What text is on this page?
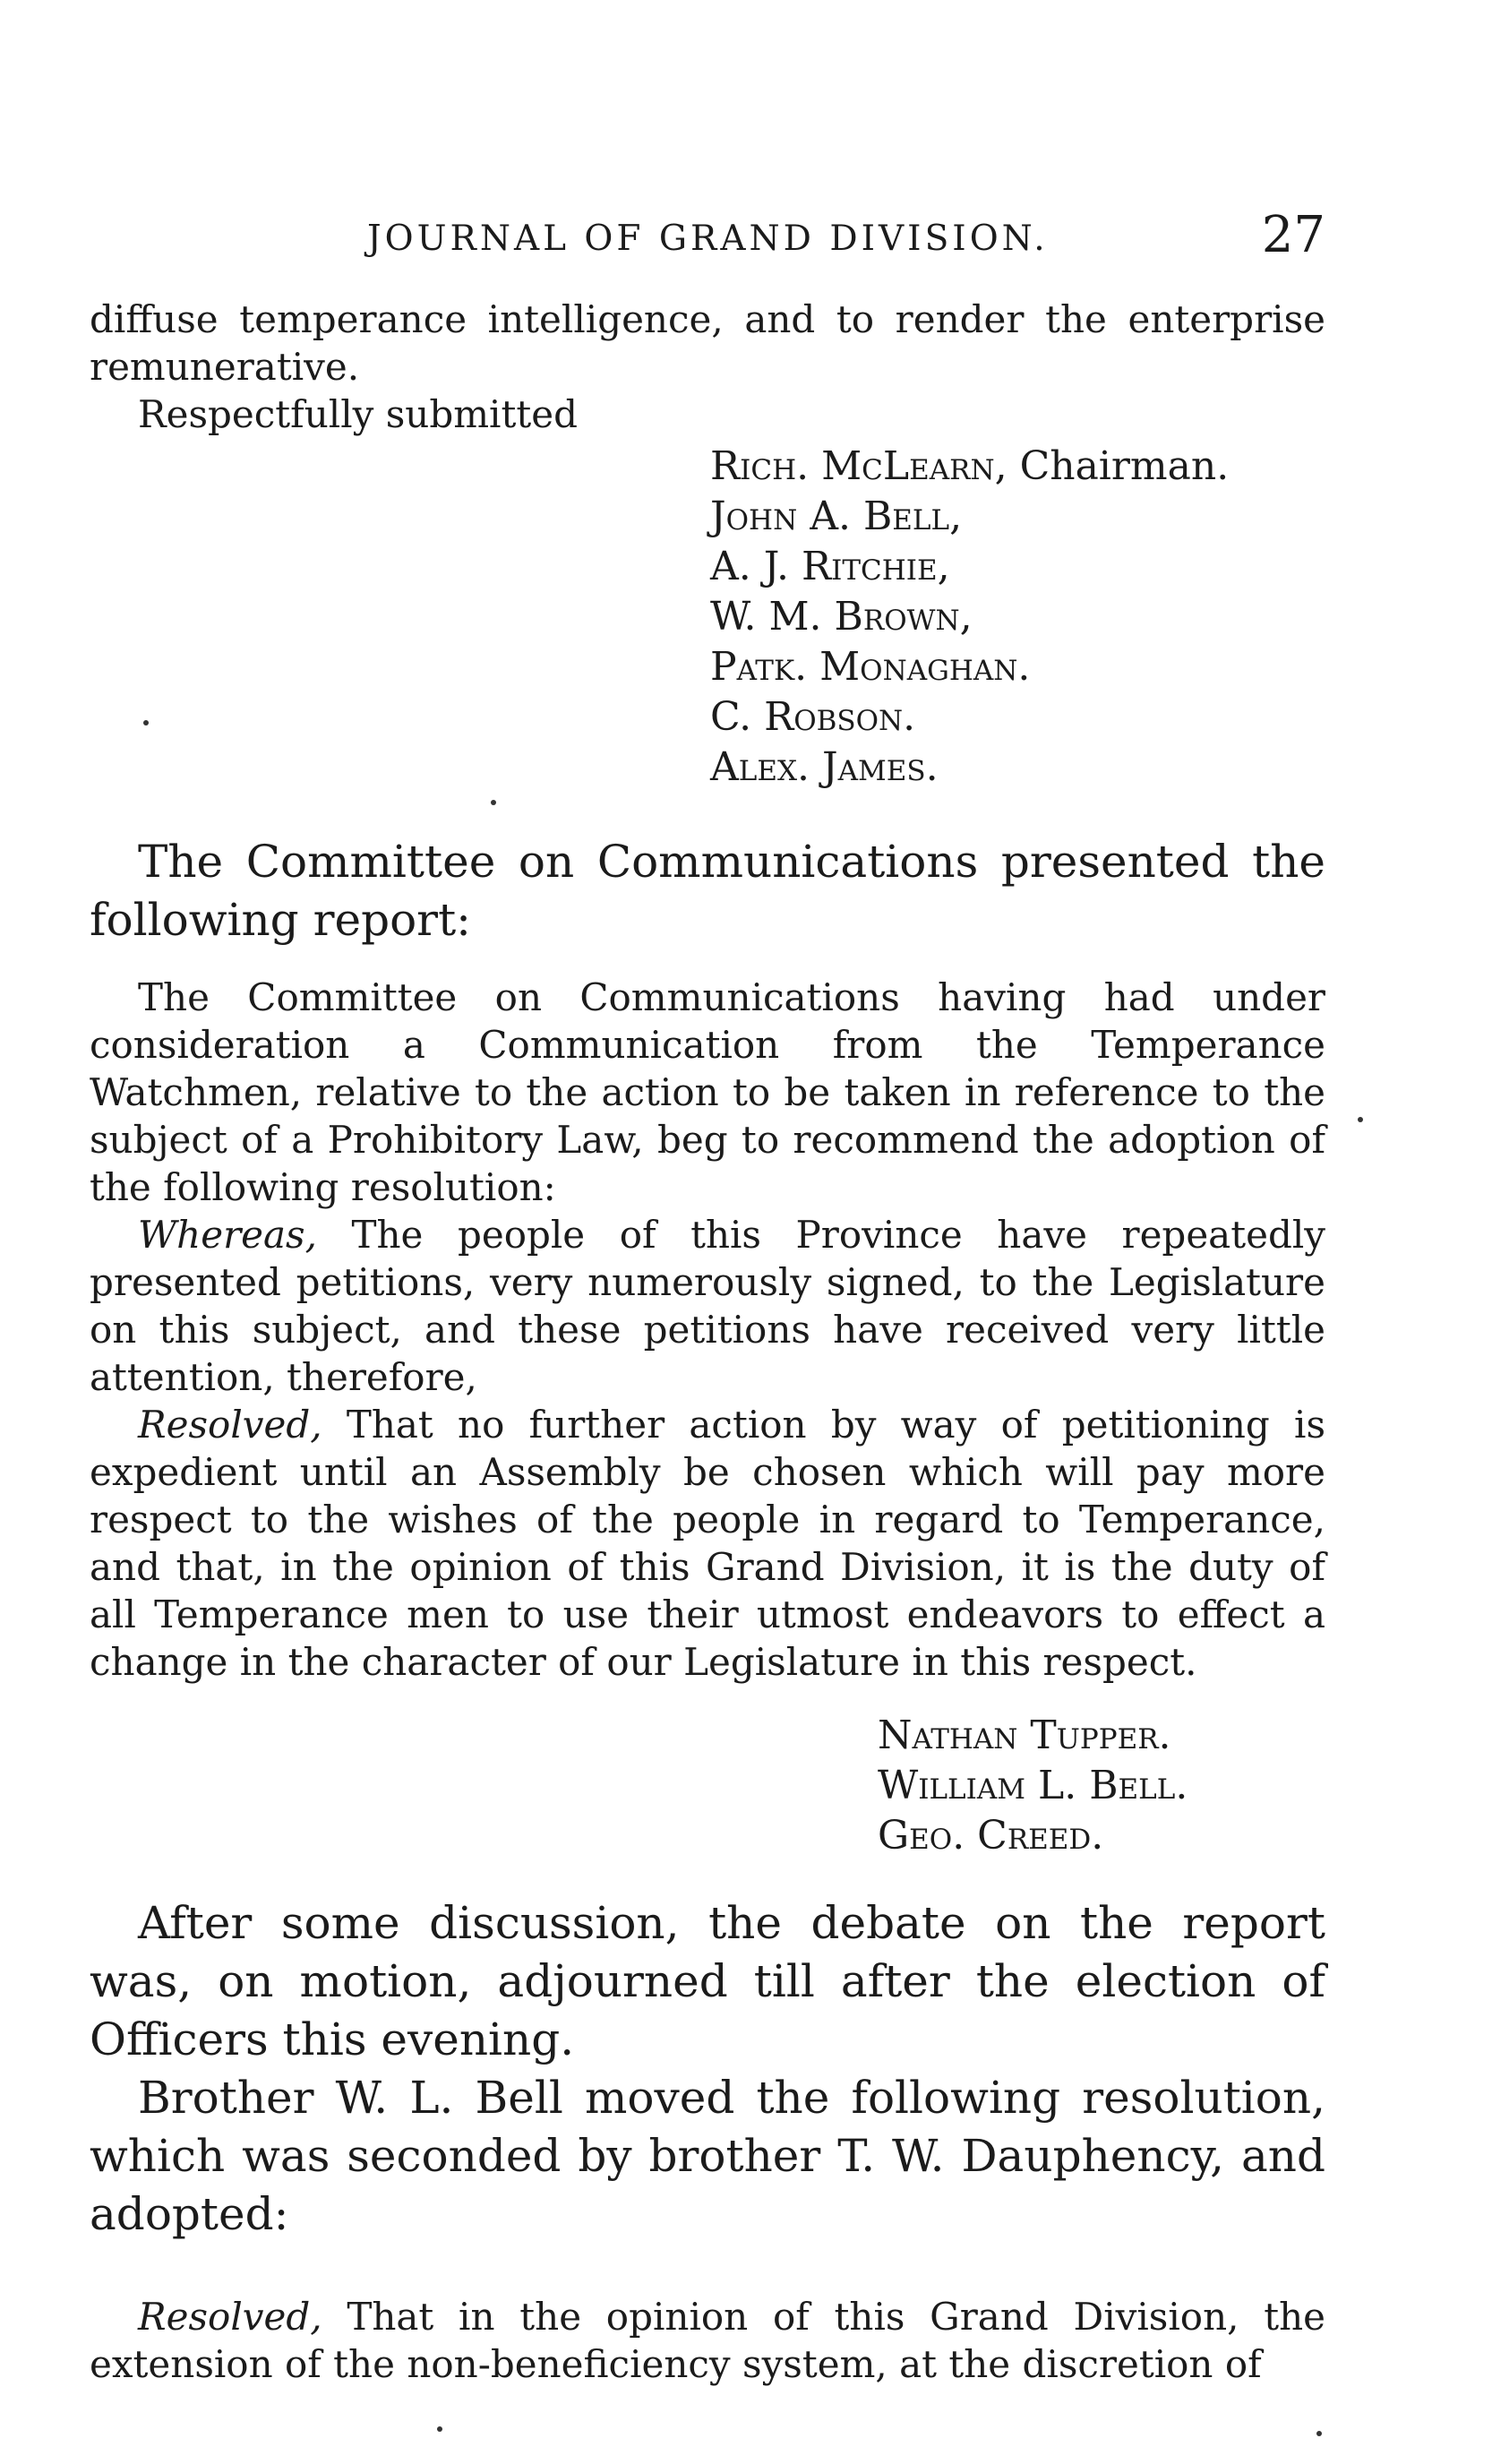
JOURNAL OF GRAND DIVISION.	27

diffuse temperance intelligence, and to render the enterprise remunerative.

Respectfully submitted

Rich. McLearn, Chairman.
John A. Bell,
A. J. Ritchie,
W. M. Brown,
Patk. Monaghan.
C. Robson.
Alex. James.

The Committee on Communications presented the following report:

The Committee on Communications having had under consideration a Communication from the Temperance Watchmen, relative to the action to be taken in reference to the subject of a Prohibitory Law, beg to recommend the adoption of the following resolution:

Whereas, The people of this Province have repeatedly presented petitions, very numerously signed, to the Legislature on this subject, and these petitions have received very little attention, therefore,

Resolved, That no further action by way of petitioning is expedient until an Assembly be chosen which will pay more respect to the wishes of the people in regard to Temperance, and that, in the opinion of this Grand Division, it is the duty of all Temperance men to use their utmost endeavors to effect a change in the character of our Legislature in this respect.

Nathan Tupper.
William L. Bell.
Geo. Creed.

After some discussion, the debate on the report was, on motion, adjourned till after the election of Officers this evening.

Brother W. L. Bell moved the following resolution, which was seconded by brother T. W. Dauphency, and adopted:

Resolved, That in the opinion of this Grand Division, the extension of the non-beneficiency system, at the discretion of
